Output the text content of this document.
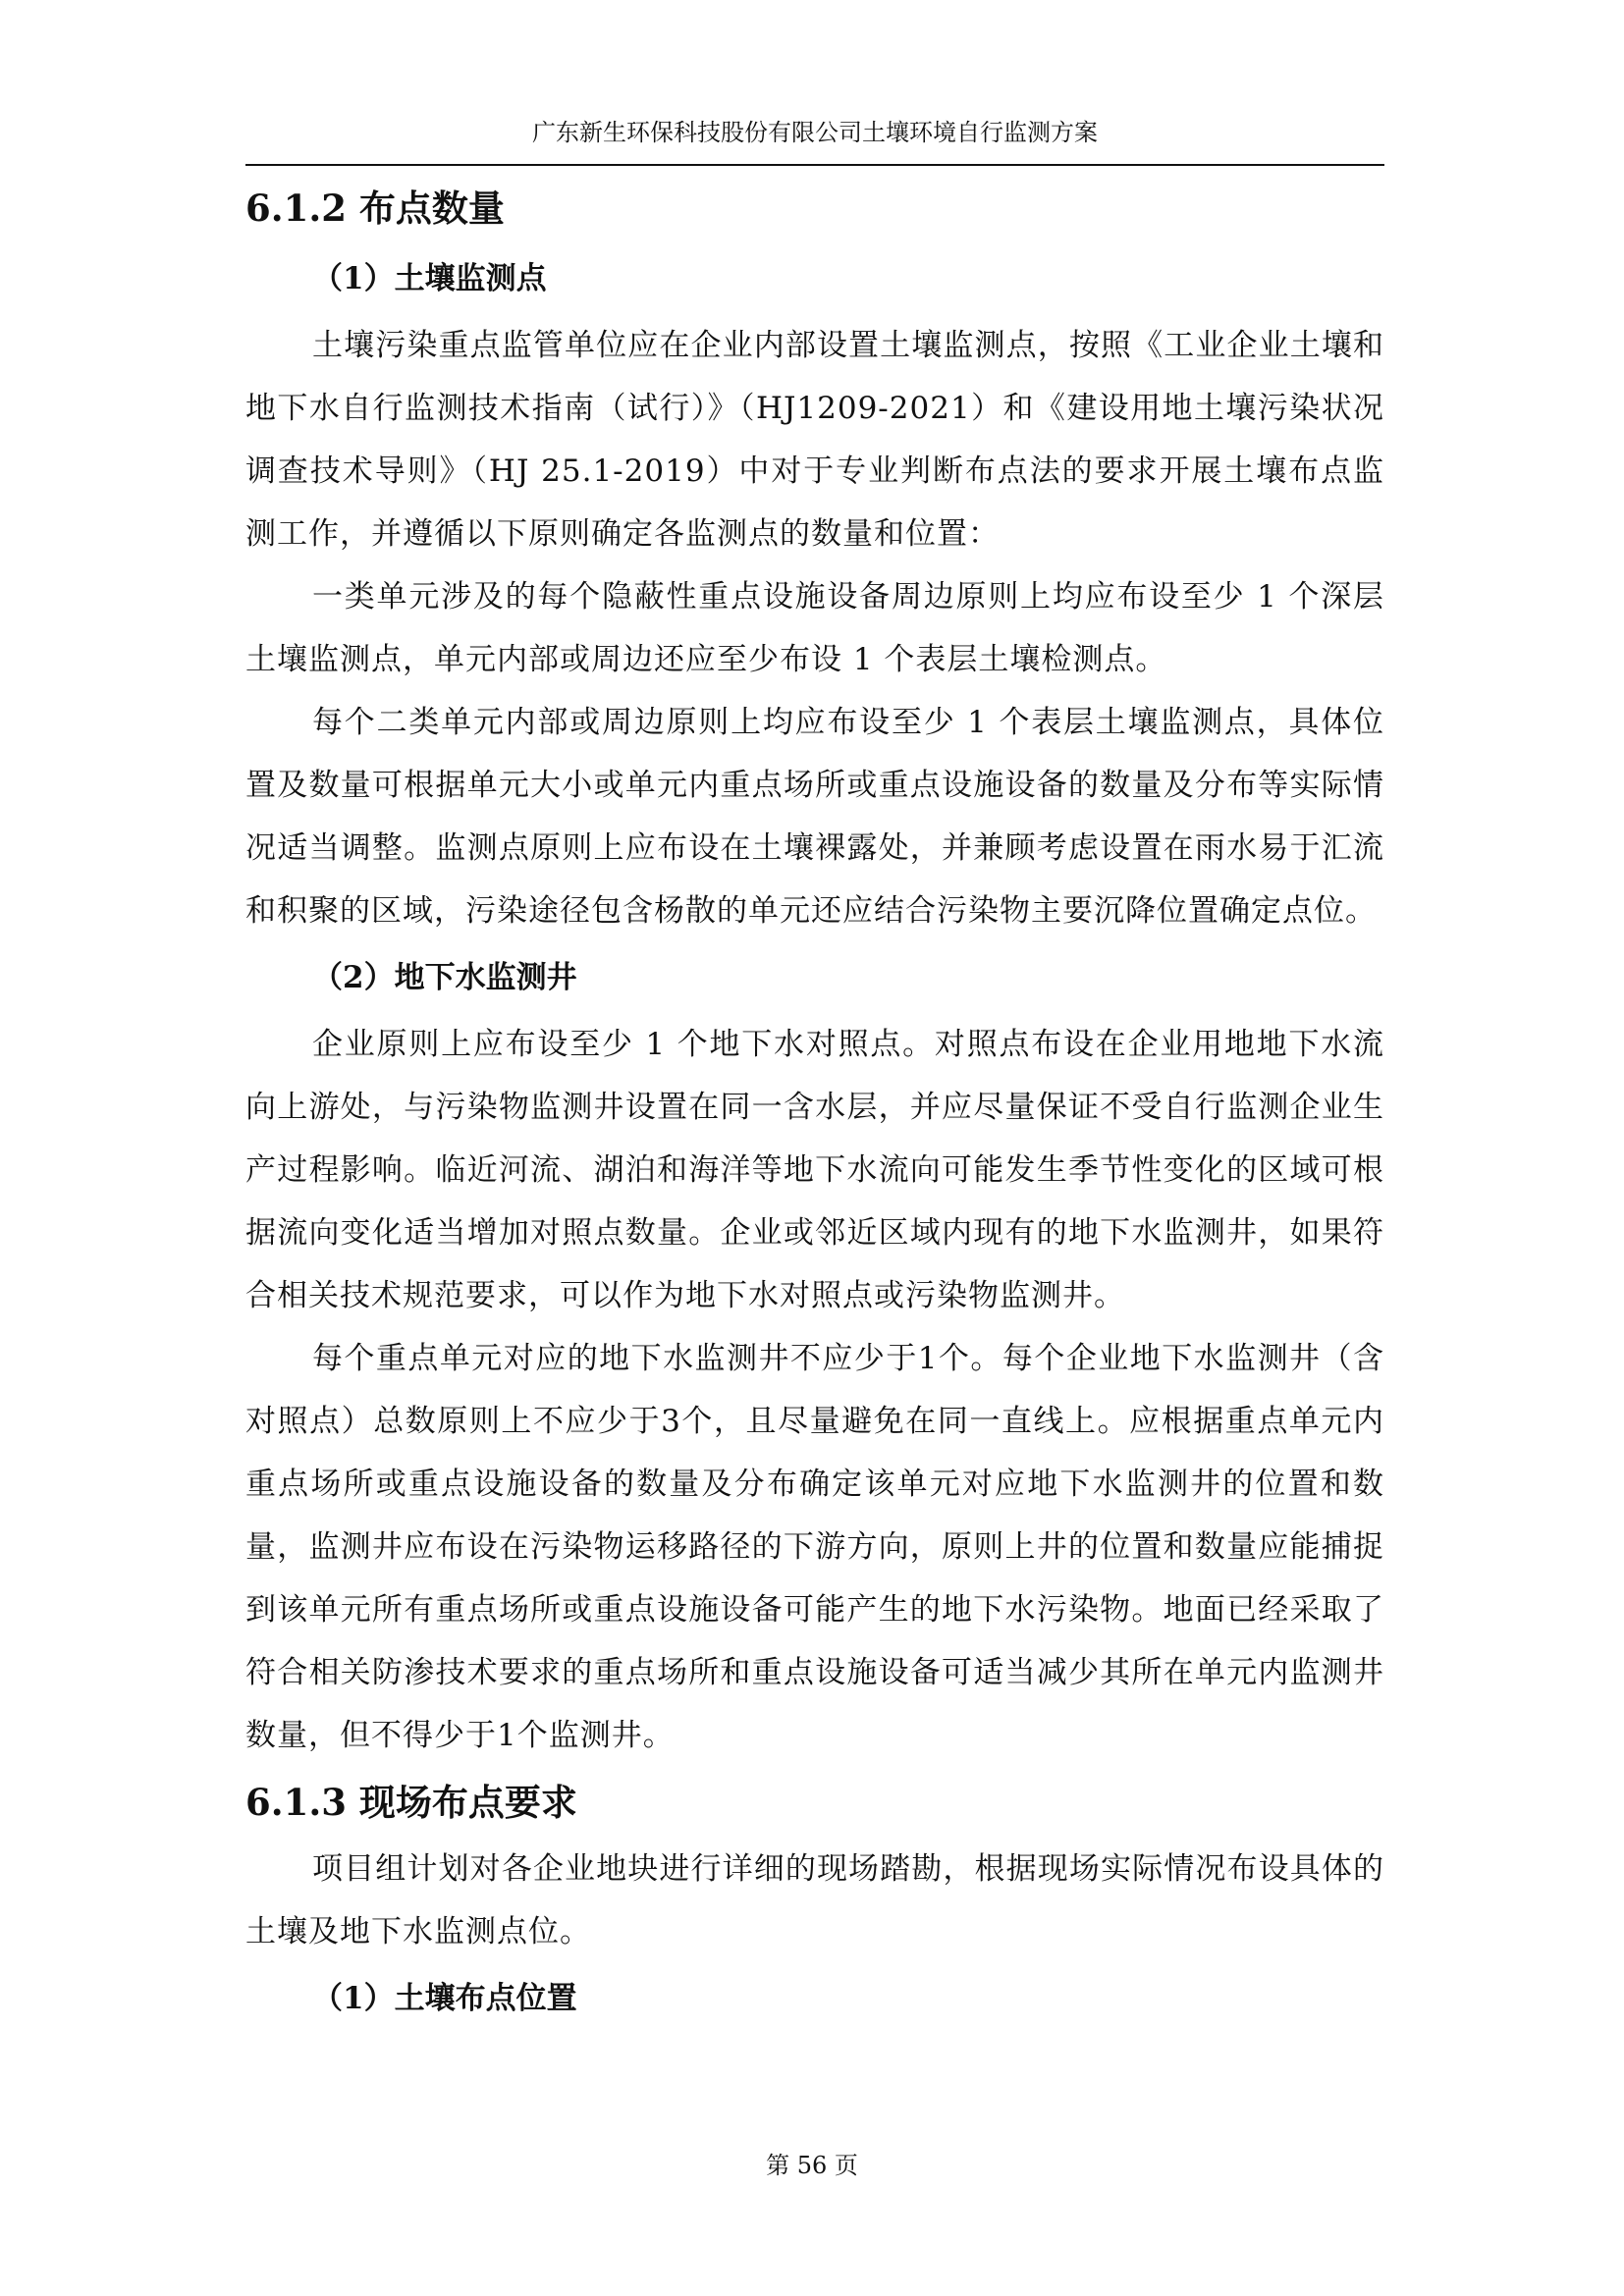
广东新生环保科技股份有限公司土壤环境自行监测方案
6.1.2 布点数量
（1）土壤监测点

土壤污染重点监管单位应在企业内部设置土壤监测点，按照《工业企业土壤和地下水自行监测技术指南（试行）》（HJ1209-2021）和《建设用地土壤污染状况调查技术导则》（HJ 25.1-2019）中对于专业判断布点法的要求开展土壤布点监测工作，并遵循以下原则确定各监测点的数量和位置：

一类单元涉及的每个隐蔽性重点设施设备周边原则上均应布设至少 1 个深层土壤监测点，单元内部或周边还应至少布设 1 个表层土壤检测点。

每个二类单元内部或周边原则上均应布设至少 1 个表层土壤监测点，具体位置及数量可根据单元大小或单元内重点场所或重点设施设备的数量及分布等实际情况适当调整。监测点原则上应布设在土壤裸露处，并兼顾考虑设置在雨水易于汇流和积聚的区域，污染途径包含杨散的单元还应结合污染物主要沉降位置确定点位。

（2）地下水监测井

企业原则上应布设至少 1 个地下水对照点。对照点布设在企业用地地下水流向上游处，与污染物监测井设置在同一含水层，并应尽量保证不受自行监测企业生产过程影响。临近河流、湖泊和海洋等地下水流向可能发生季节性变化的区域可根据流向变化适当增加对照点数量。企业或邻近区域内现有的地下水监测井，如果符合相关技术规范要求，可以作为地下水对照点或污染物监测井。

每个重点单元对应的地下水监测井不应少于1个。每个企业地下水监测井（含对照点）总数原则上不应少于3个，且尽量避免在同一直线上。应根据重点单元内重点场所或重点设施设备的数量及分布确定该单元对应地下水监测井的位置和数量，监测井应布设在污染物运移路径的下游方向，原则上井的位置和数量应能捕捉到该单元所有重点场所或重点设施设备可能产生的地下水污染物。地面已经采取了符合相关防渗技术要求的重点场所和重点设施设备可适当减少其所在单元内监测井数量，但不得少于1个监测井。

6.1.3 现场布点要求

项目组计划对各企业地块进行详细的现场踏勘，根据现场实际情况布设具体的土壤及地下水监测点位。

（1）土壤布点位置
第 56 页
